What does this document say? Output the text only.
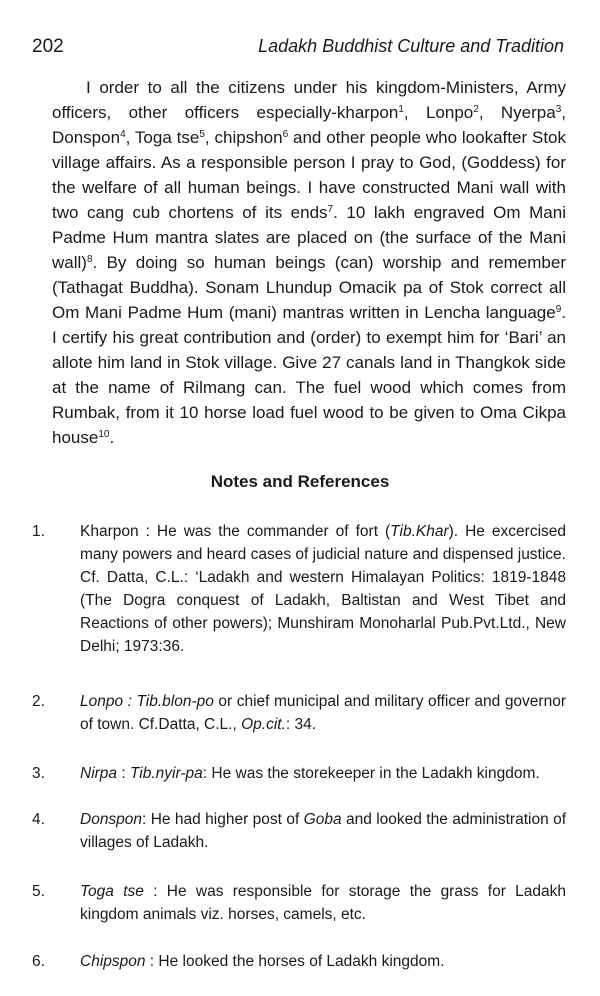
202	Ladakh Buddhist Culture and Tradition

I order to all the citizens under his kingdom-Ministers, Army officers, other officers especially-kharpon$^1$, Lonpo$^2$, Nyerpa$^3$, Donspon$^4$, Toga tse$^5$, chipshon$^6$ and other people who lookafter Stok village affairs. As a responsible person I pray to God, (Goddess) for the welfare of all human beings. I have constructed Mani wall with two cang cub chortens of its ends$^7$. 10 lakh engraved Om Mani Padme Hum mantra slates are placed on (the surface of the Mani wall)$^8$. By doing so human beings (can) worship and remember (Tathagat Buddha). Sonam Lhundup Omacik pa of Stok correct all Om Mani Padme Hum (mani) mantras written in Lencha language$^9$. I certify his great contribution and (order) to exempt him for ‘Bari’ an allote him land in Stok village. Give 27 canals land in Thangkok side at the name of Rilmang can. The fuel wood which comes from Rumbak, from it 10 horse load fuel wood to be given to Oma Cikpa house$^{10}$.

Notes and References
1. Kharpon : He was the commander of fort (Tib.Khar). He excercised many powers and heard cases of judicial nature and dispensed justice. Cf. Datta, C.L.: ‘Ladakh and western Himalayan Politics: 1819-1848 (The Dogra conquest of Ladakh, Baltistan and West Tibet and Reactions of other powers); Munshiram Monoharlal Pub.Pvt.Ltd., New Delhi; 1973:36.
2. Lonpo : Tib.blon-po or chief municipal and military officer and governor of town. Cf.Datta, C.L., Op.cit.: 34.
3. Nirpa : Tib.nyir-pa: He was the storekeeper in the Ladakh kingdom.
4. Donspon: He had higher post of Goba and looked the administration of villages of Ladakh.
5. Toga tse : He was responsible for storage the grass for Ladakh kingdom animals viz. horses, camels, etc.
6. Chipspon : He looked the horses of Ladakh kingdom.
